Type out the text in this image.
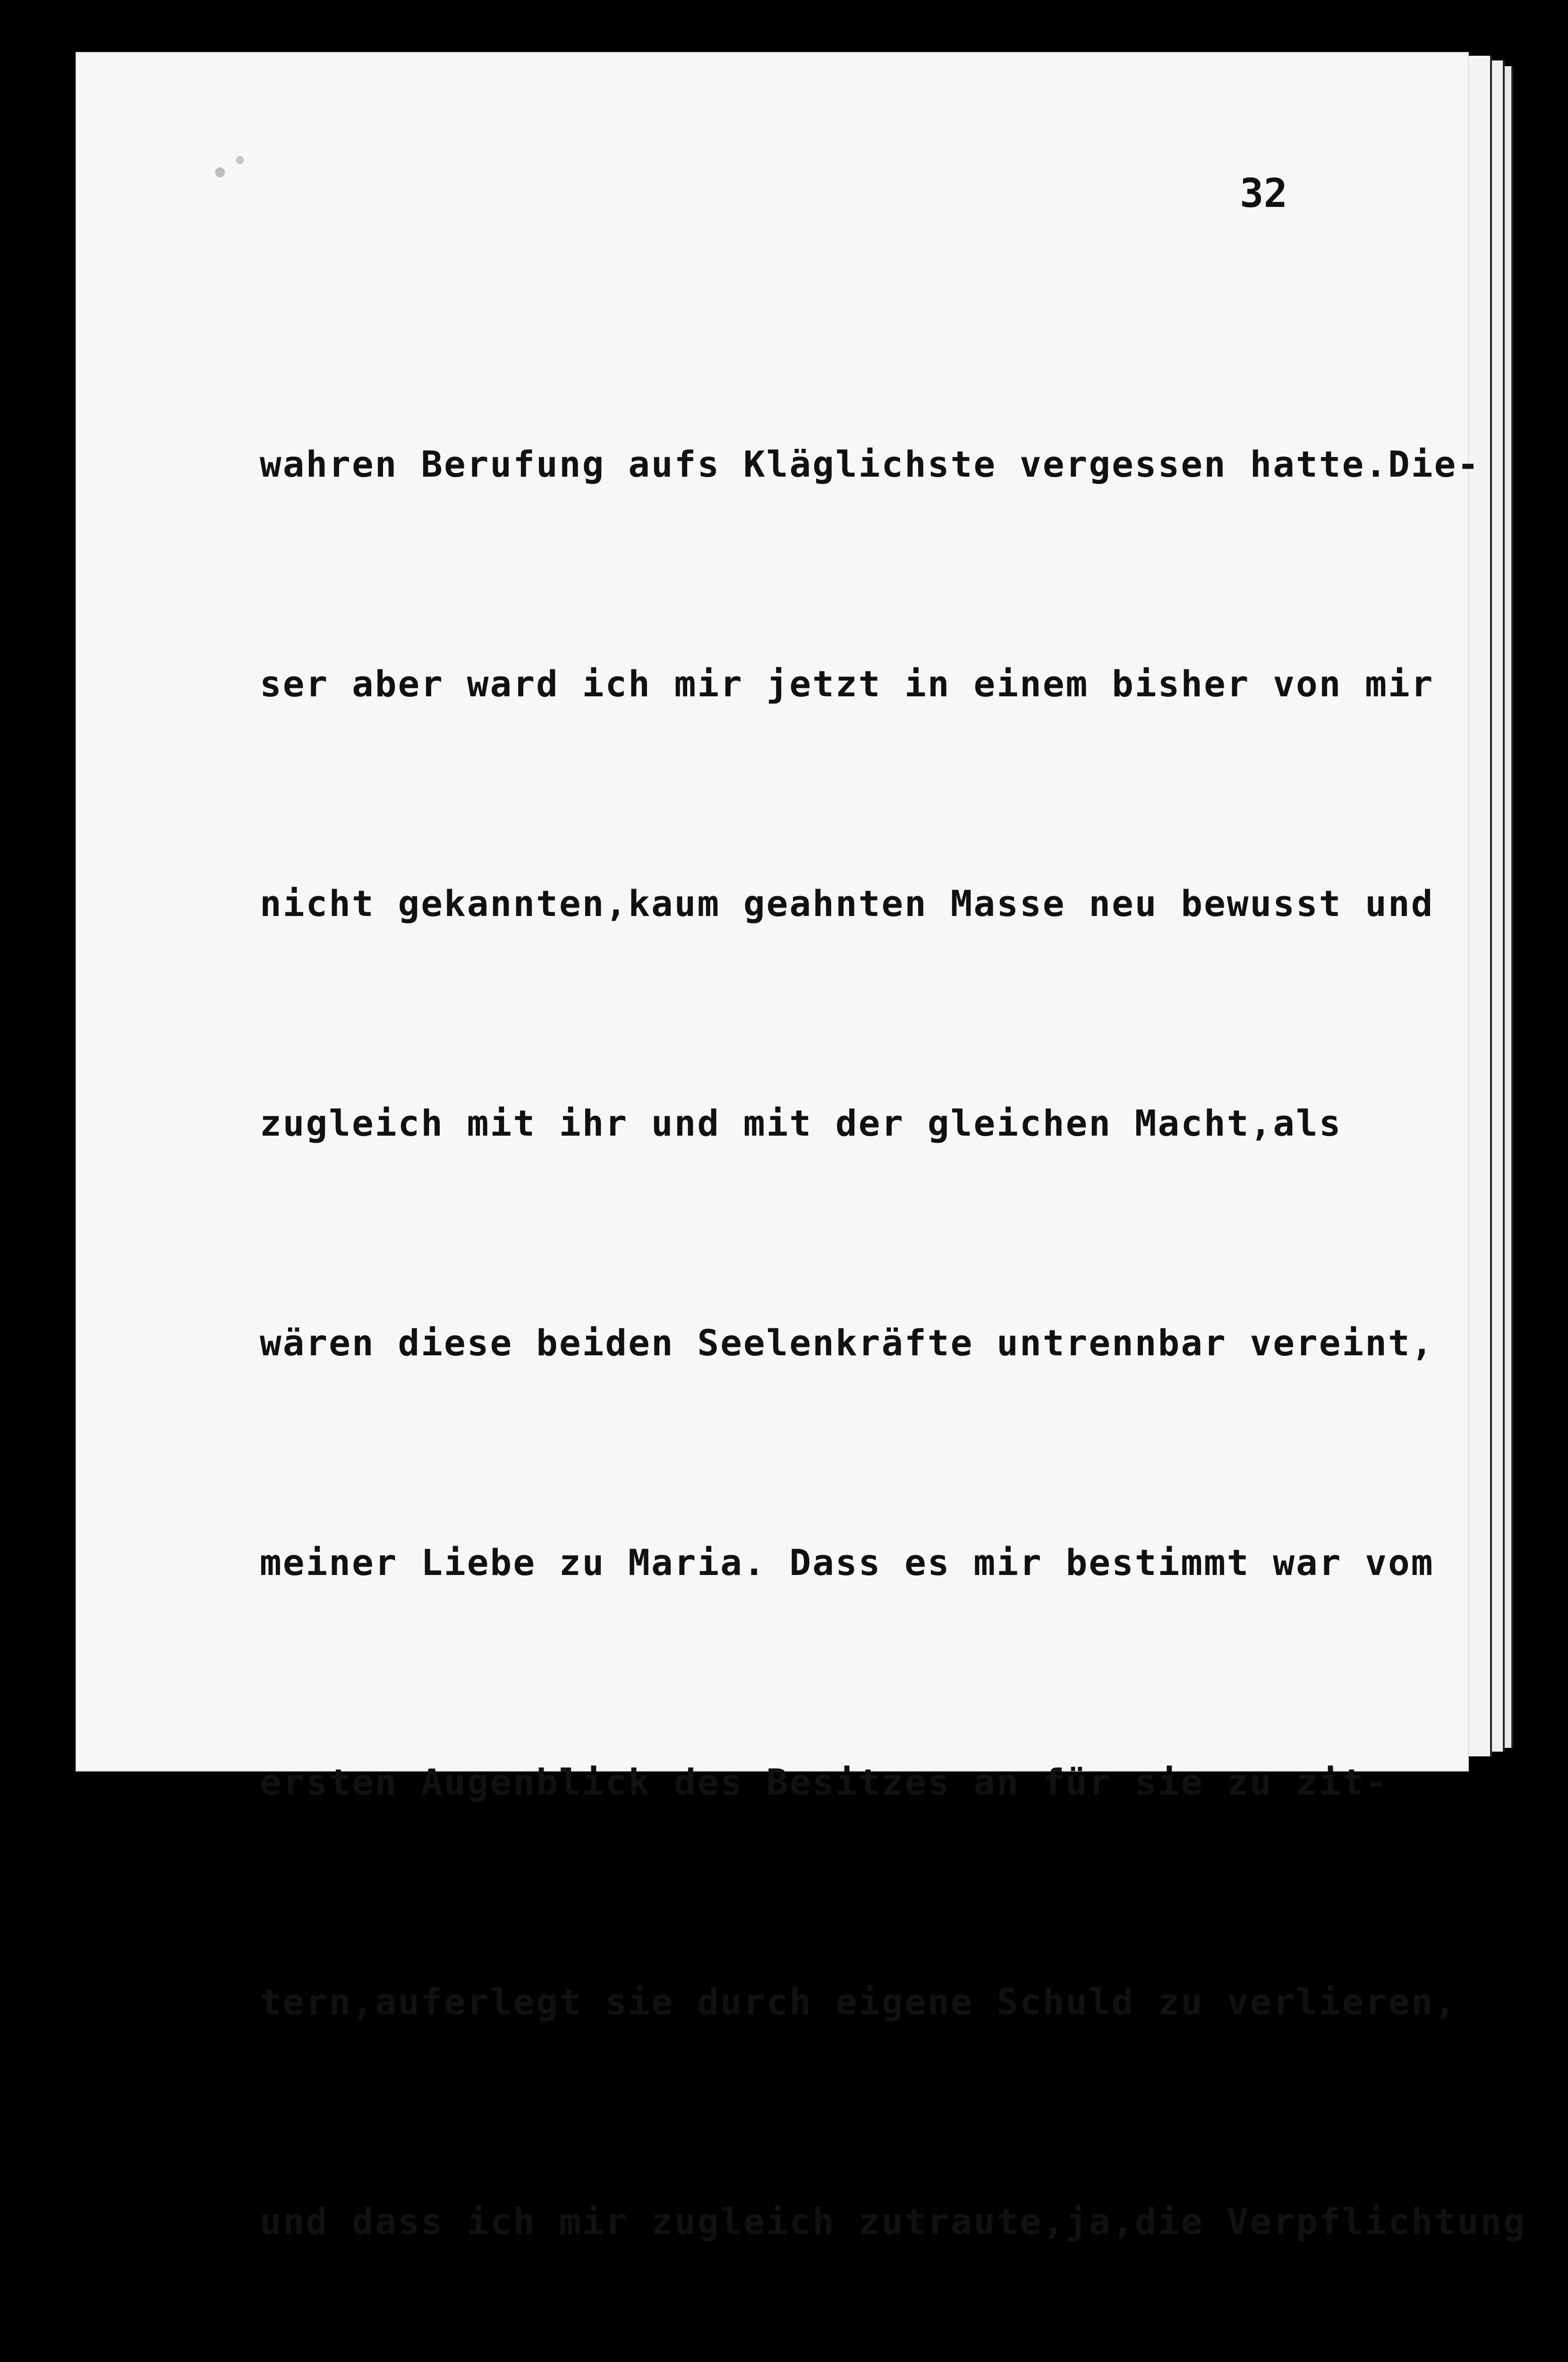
32

wahren Berufung aufs Kläglichste vergessen hatte.Die-

ser aber ward ich mir jetzt in einem bisher von mir

nicht gekannten,kaum geahnten Masse neu bewusst und

zugleich mit ihr und mit der gleichen Macht,als

wären diese beiden Seelenkräfte untrennbar vereint,

meiner Liebe zu Maria. Dass es mir bestimmt war vom

ersten Augenblick des Besitzes an für sie zu zit-

tern,auferlegt sie durch eigene Schuld zu verlieren,

und dass ich mir zugleich zutraute,ja,die Verpflichtung
